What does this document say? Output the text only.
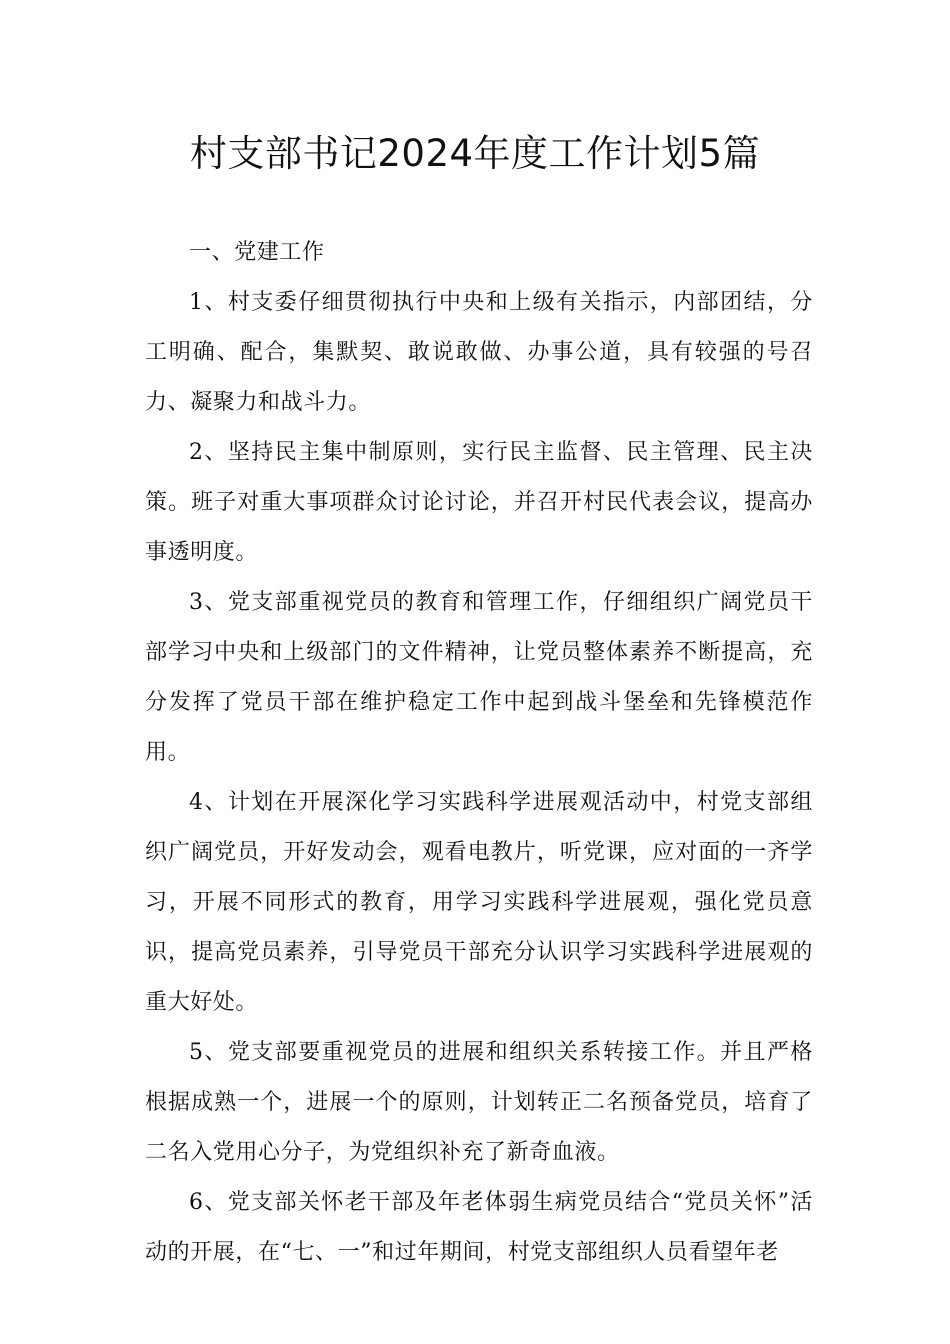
村支部书记2024年度工作计划5篇

一、党建工作

1、村支委仔细贯彻执行中央和上级有关指示，内部团结，分工明确、配合，集默契、敢说敢做、办事公道，具有较强的号召力、凝聚力和战斗力。

2、坚持民主集中制原则，实行民主监督、民主管理、民主决策。班子对重大事项群众讨论讨论，并召开村民代表会议，提高办事透明度。

3、党支部重视党员的教育和管理工作，仔细组织广阔党员干部学习中央和上级部门的文件精神，让党员整体素养不断提高，充分发挥了党员干部在维护稳定工作中起到战斗堡垒和先锋模范作用。

4、计划在开展深化学习实践科学进展观活动中，村党支部组织广阔党员，开好发动会，观看电教片，听党课，应对面的一齐学习，开展不同形式的教育，用学习实践科学进展观，强化党员意识，提高党员素养，引导党员干部充分认识学习实践科学进展观的重大好处。

5、党支部要重视党员的进展和组织关系转接工作。并且严格根据成熟一个，进展一个的原则，计划转正二名预备党员，培育了二名入党用心分子，为党组织补充了新奇血液。

6、党支部关怀老干部及年老体弱生病党员结合“党员关怀”活动的开展，在“七、一”和过年期间，村党支部组织人员看望年老
